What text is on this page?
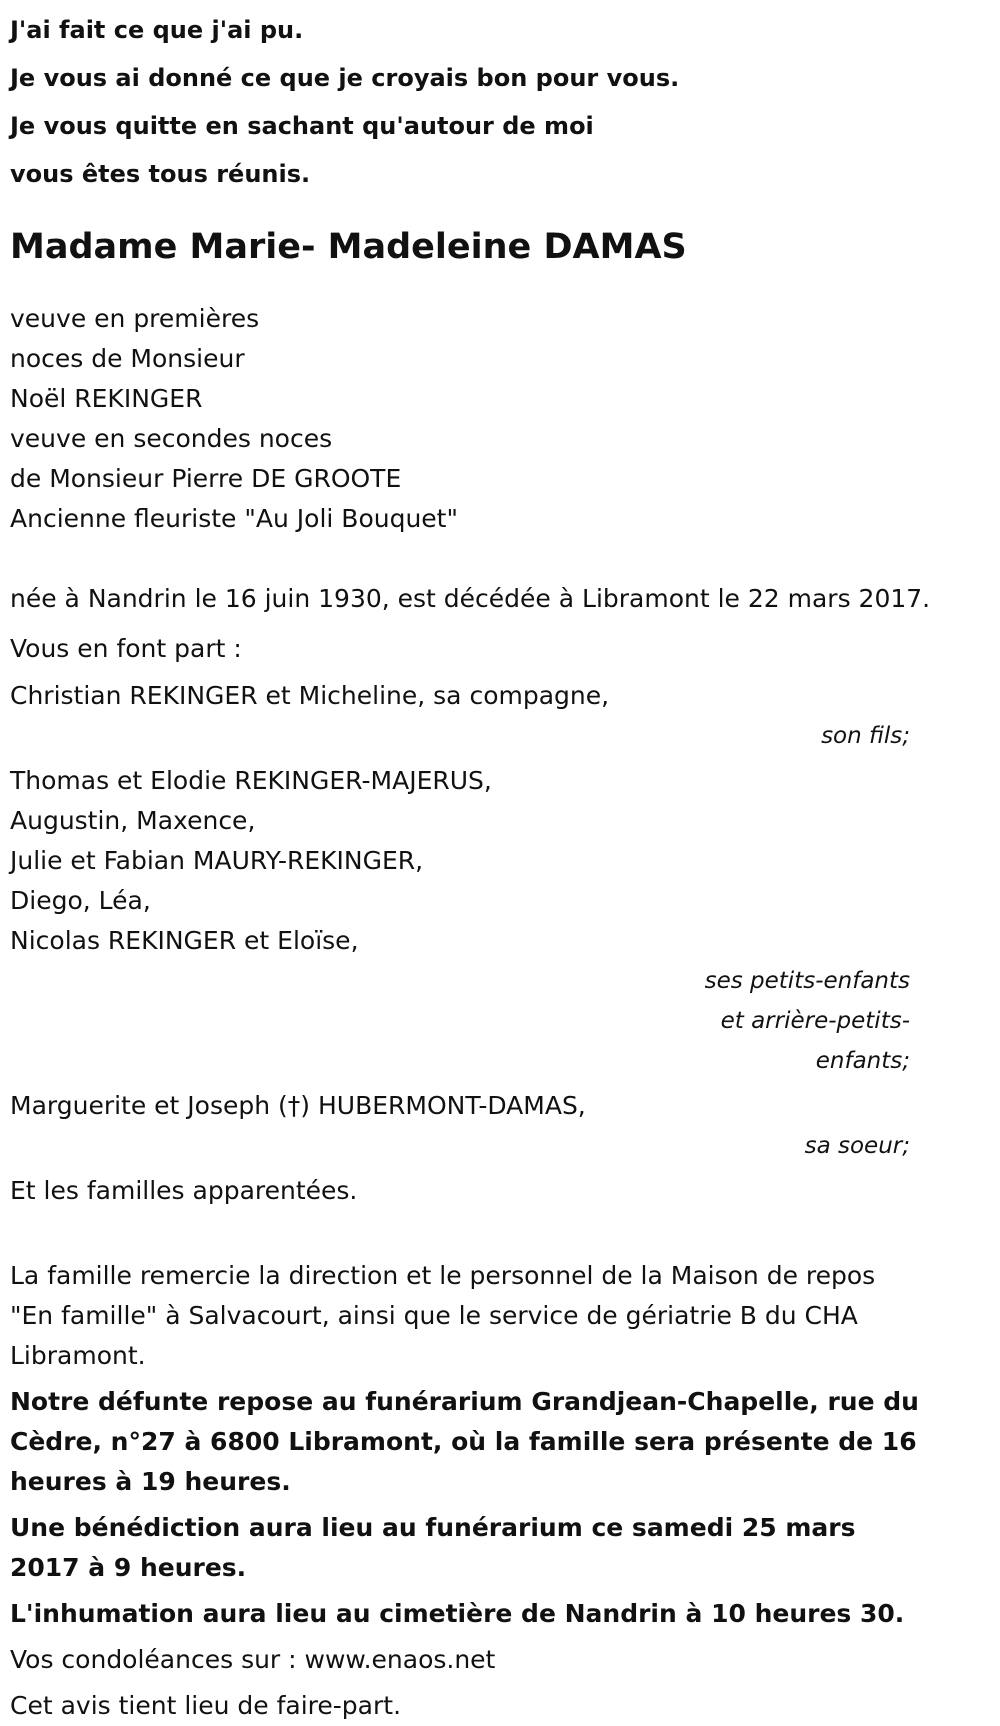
J'ai fait ce que j'ai pu.
Je vous ai donné ce que je croyais bon pour vous.
Je vous quitte en sachant qu'autour de moi
vous êtes tous réunis.
Madame Marie- Madeleine DAMAS
veuve en premières
noces de Monsieur
Noël REKINGER
veuve en secondes noces
de Monsieur Pierre DE GROOTE
Ancienne fleuriste "Au Joli Bouquet"
née à Nandrin le 16 juin 1930, est décédée à Libramont le 22 mars 2017.
Vous en font part :
Christian REKINGER et Micheline, sa compagne,
son fils;
Thomas et Elodie REKINGER-MAJERUS,
Augustin, Maxence,
Julie et Fabian MAURY-REKINGER,
Diego, Léa,
Nicolas REKINGER et Eloïse,
ses petits-enfants
et arrière-petits-
enfants;
Marguerite et Joseph (†) HUBERMONT-DAMAS,
sa soeur;
Et les familles apparentées.
La famille remercie la direction et le personnel de la Maison de repos "En famille" à Salvacourt, ainsi que le service de gériatrie B du CHA Libramont.
Notre défunte repose au funérarium Grandjean-Chapelle, rue du Cèdre, n°27 à 6800 Libramont, où la famille sera présente de 16 heures à 19 heures.
Une bénédiction aura lieu au funérarium ce samedi 25 mars 2017 à 9 heures.
L'inhumation aura lieu au cimetière de Nandrin à 10 heures 30.
Vos condoléances sur : www.enaos.net
Cet avis tient lieu de faire-part.
